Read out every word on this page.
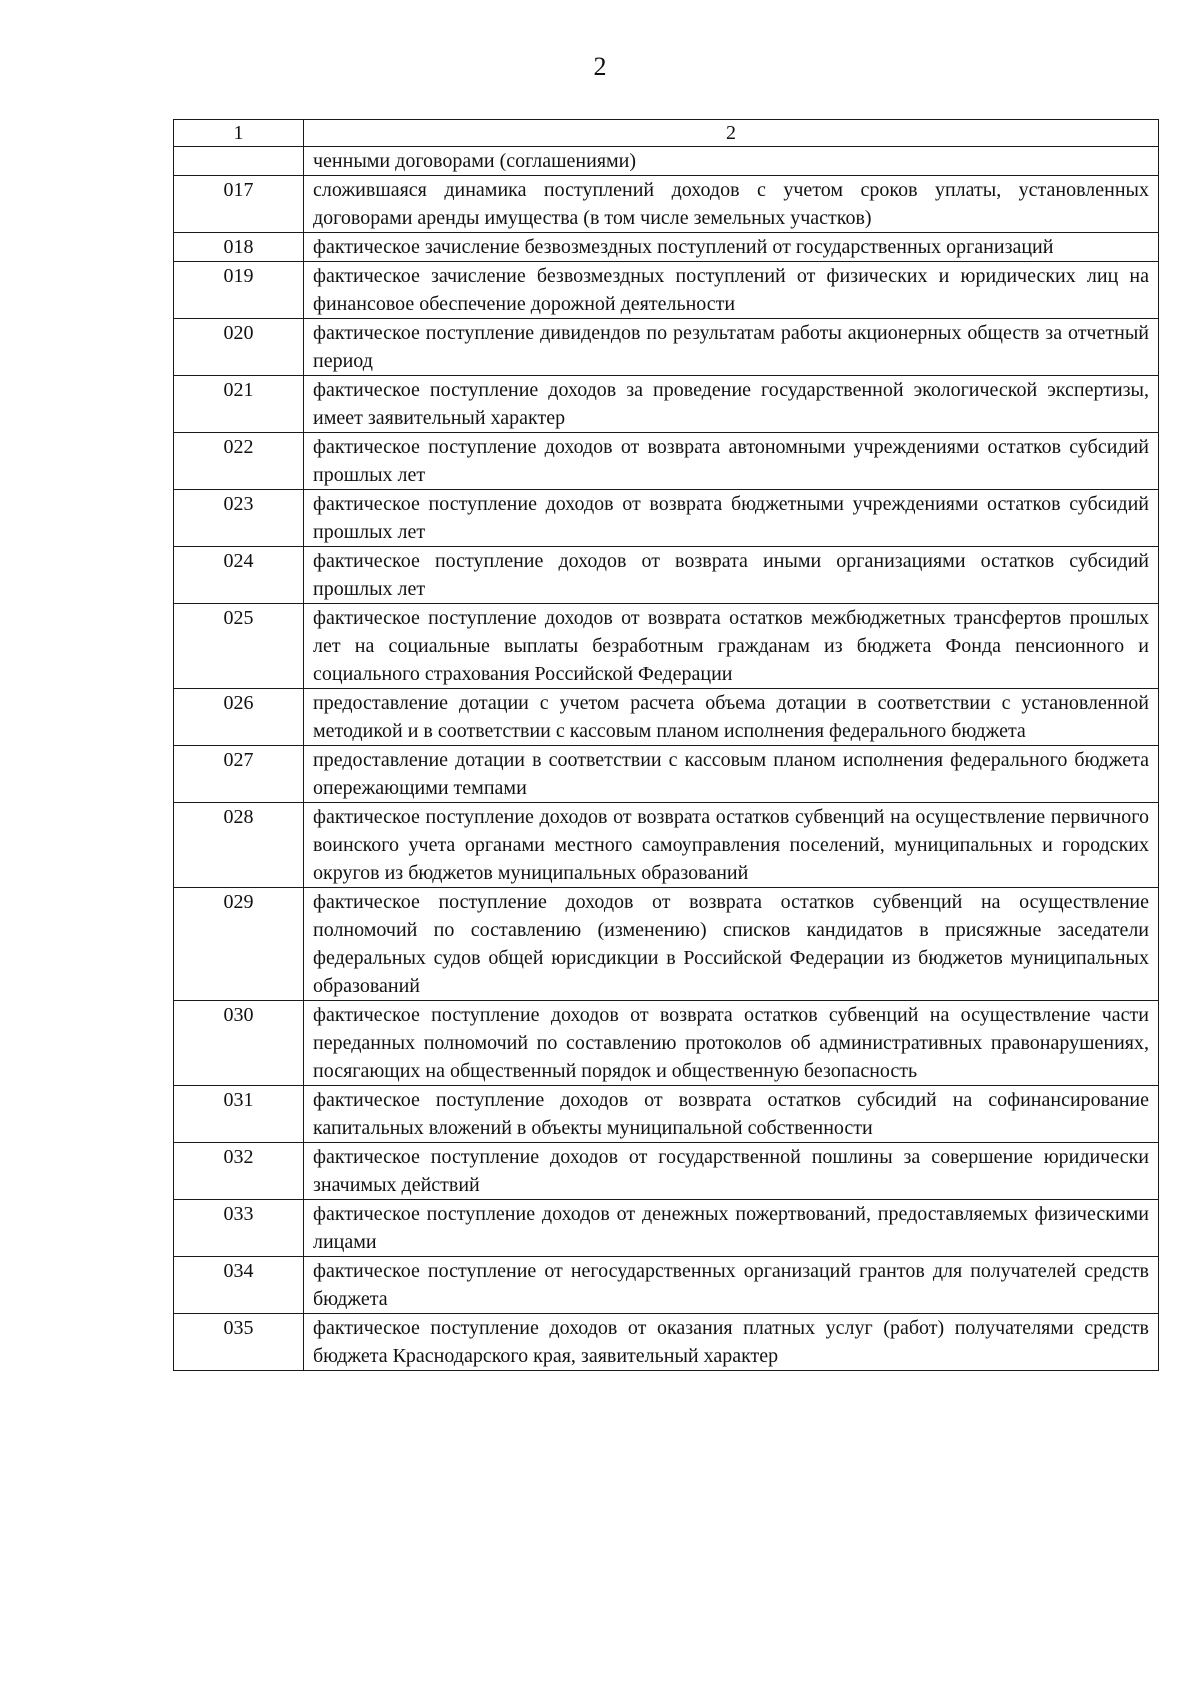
2
1	2
	ченными договорами (соглашениями)
017	сложившаяся динамика поступлений доходов с учетом сроков уплаты, установленных договорами аренды имущества (в том числе земельных участков)
018	фактическое зачисление безвозмездных поступлений от государственных организаций
019	фактическое зачисление безвозмездных поступлений от физических и юридических лиц на финансовое обеспечение дорожной деятельности
020	фактическое поступление дивидендов по результатам работы акционерных обществ за отчетный период
021	фактическое поступление доходов за проведение государственной экологической экспертизы, имеет заявительный характер
022	фактическое поступление доходов от возврата автономными учреждениями остатков субсидий прошлых лет
023	фактическое поступление доходов от возврата бюджетными учреждениями остатков субсидий прошлых лет
024	фактическое поступление доходов от возврата иными организациями остатков субсидий прошлых лет
025	фактическое поступление доходов от возврата остатков межбюджетных трансфертов прошлых лет на социальные выплаты безработным гражданам из бюджета Фонда пенсионного и социального страхования Российской Федерации
026	предоставление дотации с учетом расчета объема дотации в соответствии с установленной методикой и в соответствии с кассовым планом исполнения федерального бюджета
027	предоставление дотации в соответствии с кассовым планом исполнения федерального бюджета опережающими темпами
028	фактическое поступление доходов от возврата остатков субвенций на осуществление первичного воинского учета органами местного самоуправления поселений, муниципальных и городских округов из бюджетов муниципальных образований
029	фактическое поступление доходов от возврата остатков субвенций на осуществление полномочий по составлению (изменению) списков кандидатов в присяжные заседатели федеральных судов общей юрисдикции в Российской Федерации из бюджетов муниципальных образований
030	фактическое поступление доходов от возврата остатков субвенций на осуществление части переданных полномочий по составлению протоколов об административных правонарушениях, посягающих на общественный порядок и общественную безопасность
031	фактическое поступление доходов от возврата остатков субсидий на софинансирование капитальных вложений в объекты муниципальной собственности
032	фактическое поступление доходов от государственной пошлины за совершение юридически значимых действий
033	фактическое поступление доходов от денежных пожертвований, предоставляемых физическими лицами
034	фактическое поступление от негосударственных организаций грантов для получателей средств бюджета
035	фактическое поступление доходов от оказания платных услуг (работ) получателями средств бюджета Краснодарского края, заявительный характер
